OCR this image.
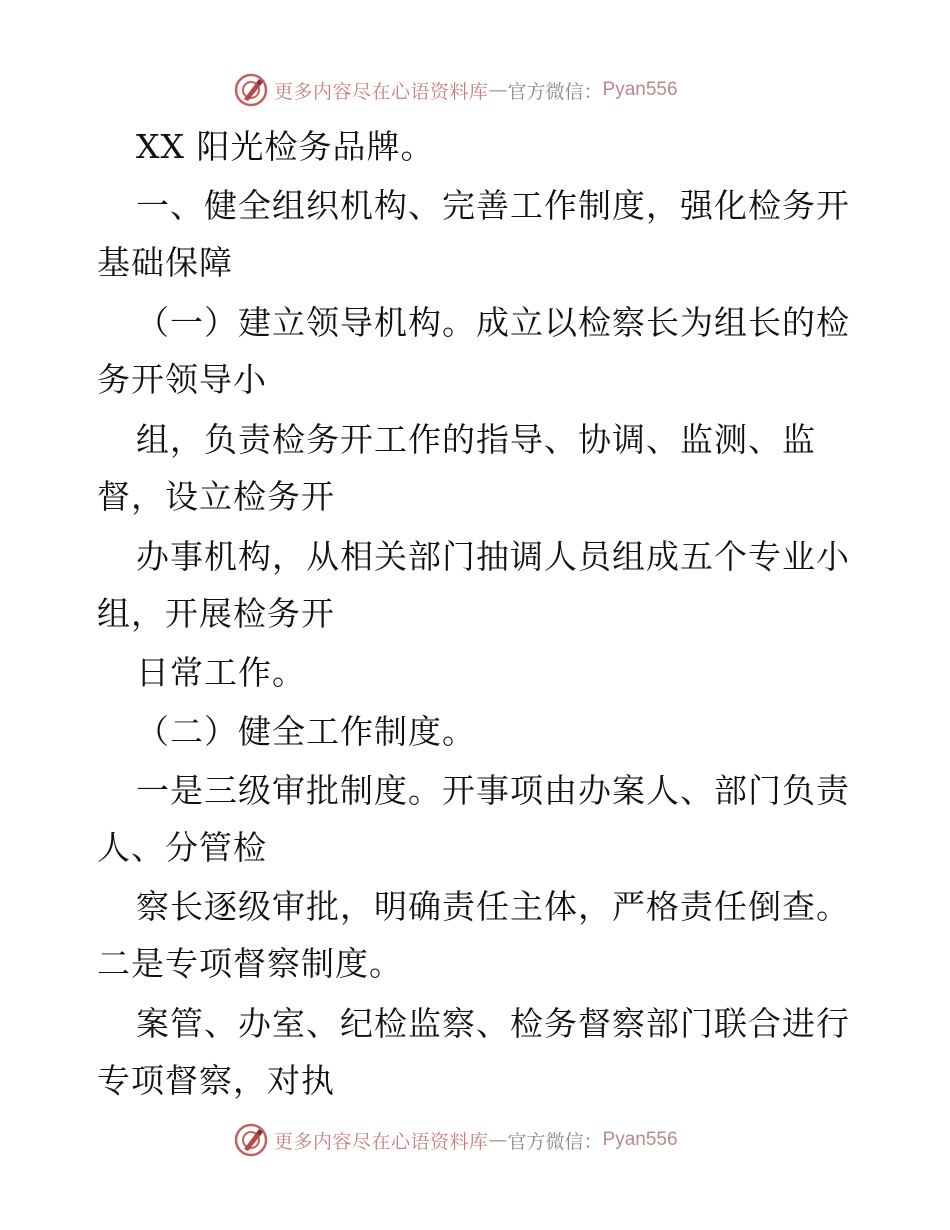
更多内容尽在心语资料库 — 官方微信： Pyan556
XX 阳光检务品牌。
一、健全组织机构、完善工作制度，强化检务开
基础保障
（一）建立领导机构。成立以检察长为组长的检
务开领导小
组，负责检务开工作的指导、协调、监测、监
督，设立检务开
办事机构，从相关部门抽调人员组成五个专业小
组，开展检务开
日常工作。
（二）健全工作制度。
一是三级审批制度。开事项由办案人、部门负责
人、分管检
察长逐级审批，明确责任主体，严格责任倒查。
二是专项督察制度。
案管、办室、纪检监察、检务督察部门联合进行
专项督察，对执
更多内容尽在心语资料库 — 官方微信： Pyan556
